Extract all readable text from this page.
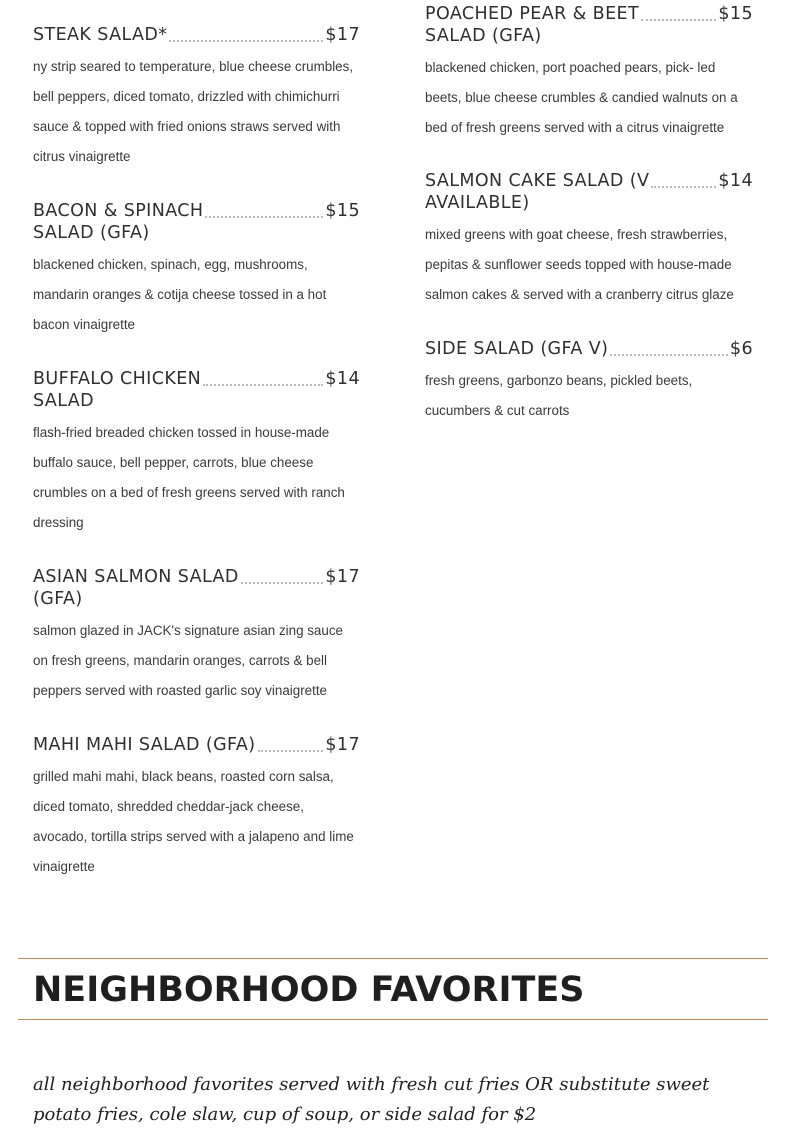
STEAK SALAD*	$17
ny strip seared to temperature, blue cheese crumbles, bell peppers, diced tomato, drizzled with chimichurri sauce & topped with fried onions straws served with citrus vinaigrette
BACON & SPINACH	$15
SALAD (GFA)
blackened chicken, spinach, egg, mushrooms, mandarin oranges & cotija cheese tossed in a hot bacon vinaigrette
BUFFALO CHICKEN	$14
SALAD
flash-fried breaded chicken tossed in house-made buffalo sauce, bell pepper, carrots, blue cheese crumbles on a bed of fresh greens served with ranch dressing
ASIAN SALMON SALAD	$17
(GFA)
salmon glazed in JACK's signature asian zing sauce on fresh greens, mandarin oranges, carrots & bell peppers served with roasted garlic soy vinaigrette
MAHI MAHI SALAD (GFA)	$17
grilled mahi mahi, black beans, roasted corn salsa, diced tomato, shredded cheddar-jack cheese, avocado, tortilla strips served with a jalapeno and lime vinaigrette
POACHED PEAR & BEET	$15
SALAD (GFA)
blackened chicken, port poached pears, pick- led beets, blue cheese crumbles & candied walnuts on a bed of fresh greens served with a citrus vinaigrette
SALMON CAKE SALAD (V	$14
AVAILABLE)
mixed greens with goat cheese, fresh strawberries, pepitas & sunflower seeds topped with house-made salmon cakes & served with a cranberry citrus glaze
SIDE SALAD (GFA V)	$6
fresh greens, garbonzo beans, pickled beets, cucumbers & cut carrots
NEIGHBORHOOD FAVORITES
all neighborhood favorites served with fresh cut fries OR substitute sweet potato fries, cole slaw, cup of soup, or side salad for $2
